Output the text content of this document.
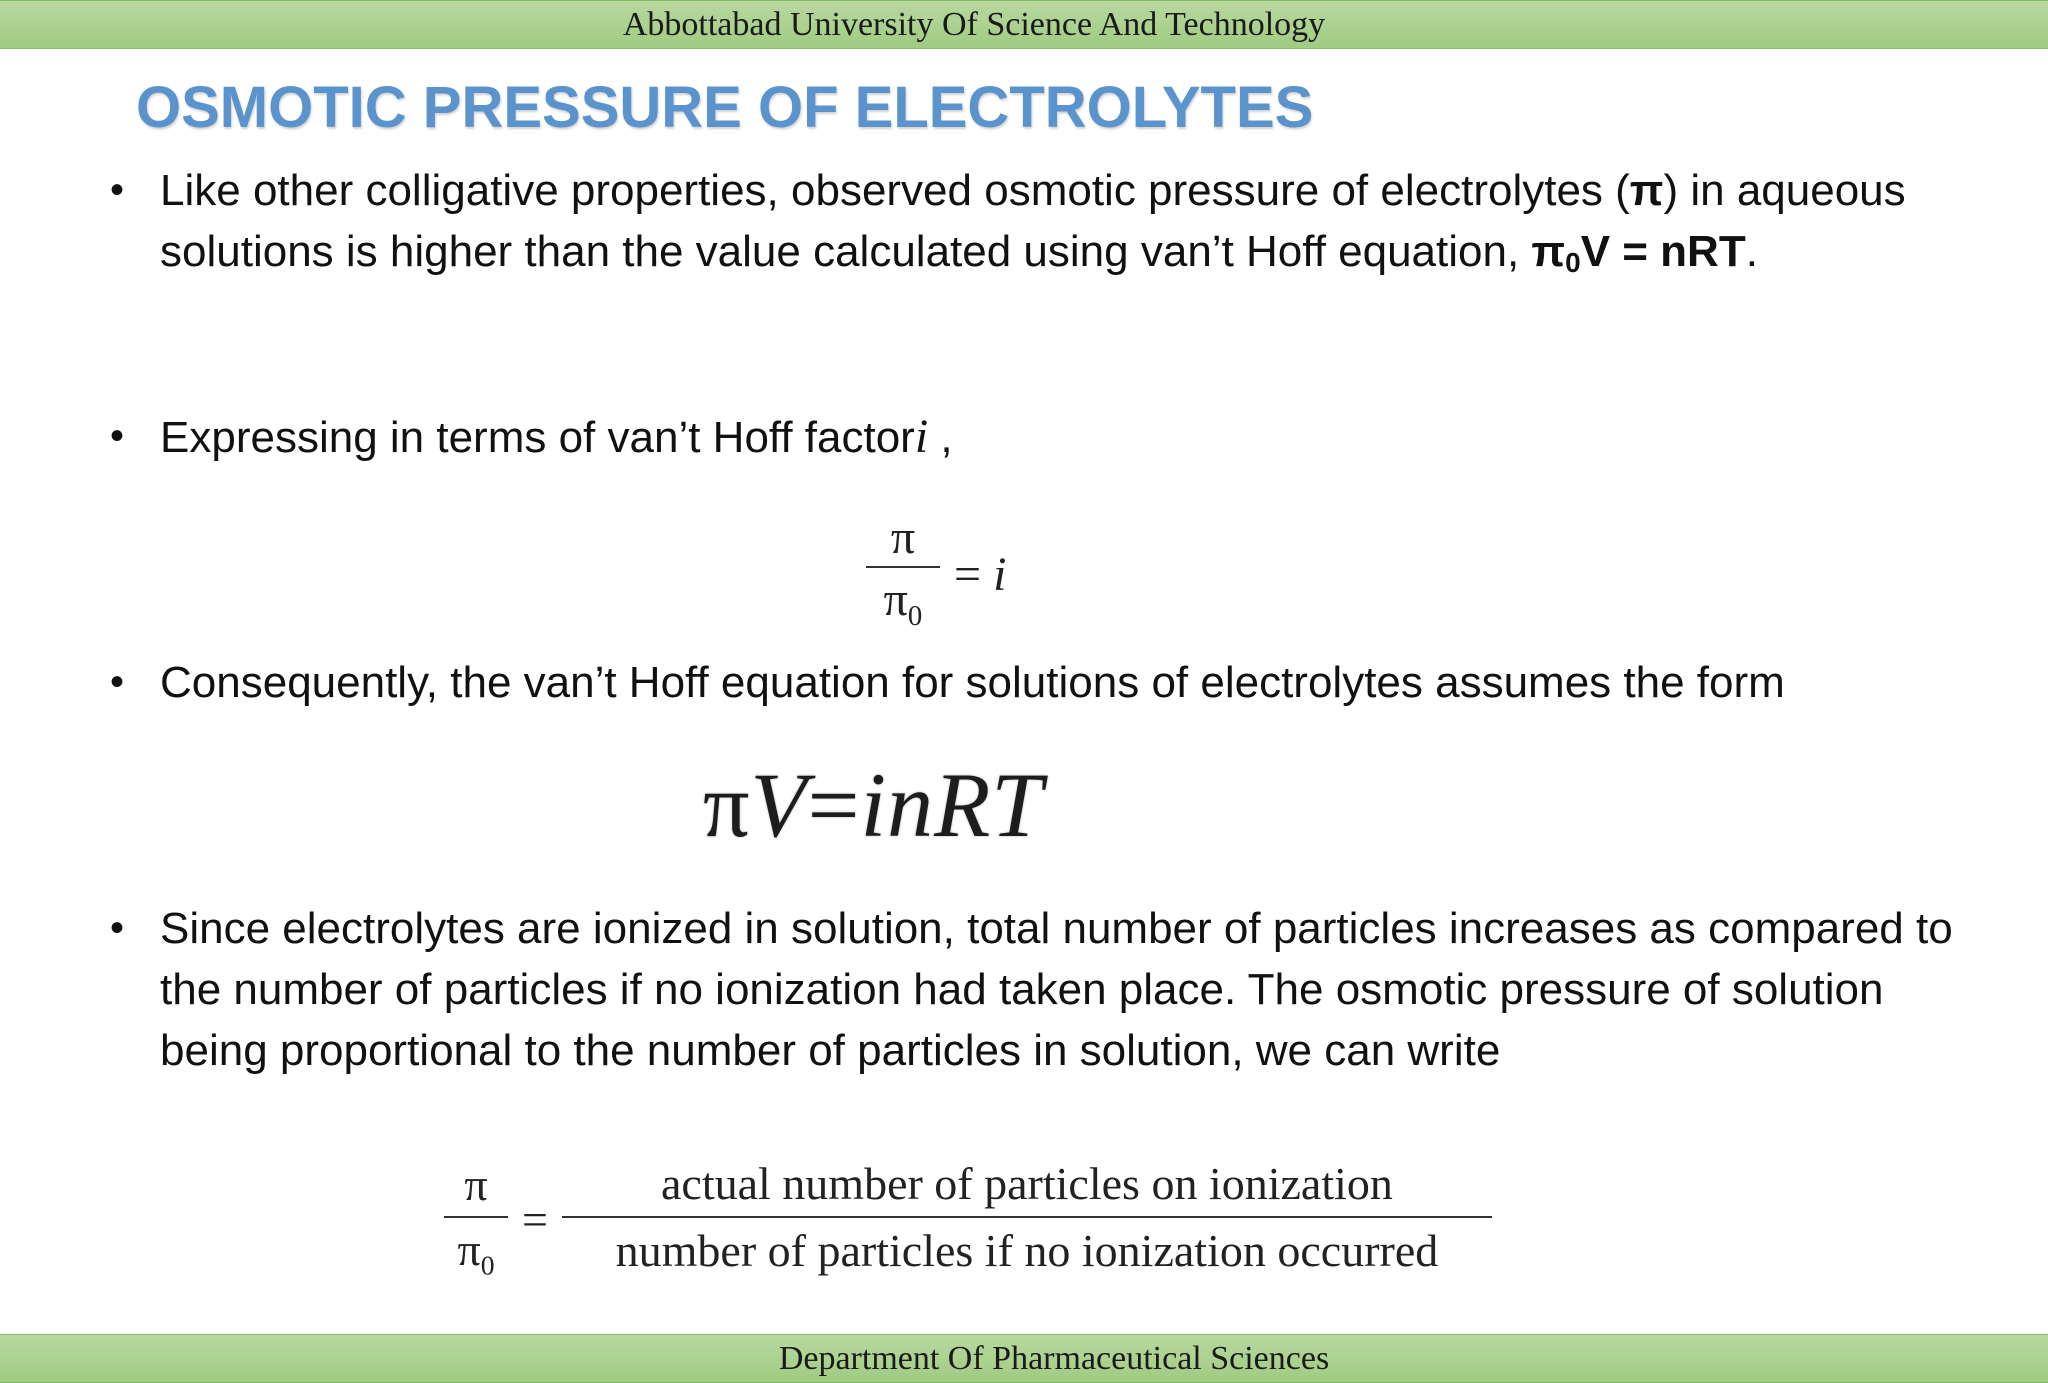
Abbottabad University Of Science And Technology
OSMOTIC PRESSURE OF ELECTROLYTES
• Like other colligative properties, observed osmotic pressure of electrolytes (π) in aqueous solutions is higher than the value calculated using van’t Hoff equation, $\pi_0V$ = nRT.
• Expressing in terms of van’t Hoff factori ,
• Consequently, the van’t Hoff equation for solutions of electrolytes assumes the form
• Since electrolytes are ionized in solution, total number of particles increases as compared to the number of particles if no ionization had taken place. The osmotic pressure of solution being proportional to the number of particles in solution, we can write
$\frac{\pi}{\pi_0} = i$
π V = inRT
$\frac{\pi}{\pi_0} = \frac{\text{actual number of particles on ionization}}{\text{number of particles if no ionization occurred}}$
Department Of Pharmaceutical Sciences
